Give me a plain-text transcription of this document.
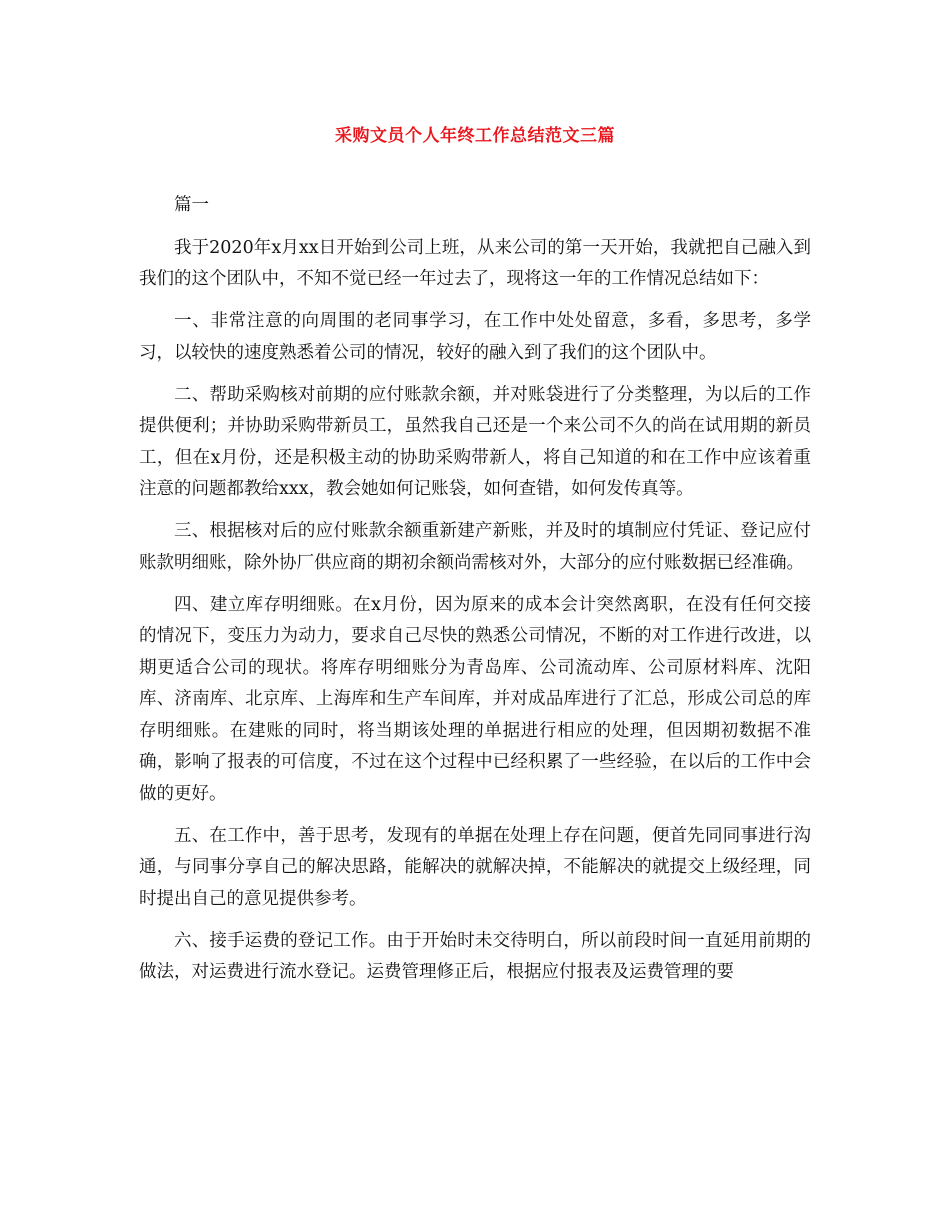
采购文员个人年终工作总结范文三篇

篇一

我于2020年x月xx日开始到公司上班，从来公司的第一天开始，我就把自己融入到我们的这个团队中，不知不觉已经一年过去了，现将这一年的工作情况总结如下：

一、非常注意的向周围的老同事学习，在工作中处处留意，多看，多思考，多学习，以较快的速度熟悉着公司的情况，较好的融入到了我们的这个团队中。

二、帮助采购核对前期的应付账款余额，并对账袋进行了分类整理，为以后的工作提供便利；并协助采购带新员工，虽然我自己还是一个来公司不久的尚在试用期的新员工，但在x月份，还是积极主动的协助采购带新人，将自己知道的和在工作中应该着重注意的问题都教给xxx，教会她如何记账袋，如何查错，如何发传真等。

三、根据核对后的应付账款余额重新建产新账，并及时的填制应付凭证、登记应付账款明细账，除外协厂供应商的期初余额尚需核对外，大部分的应付账数据已经准确。

四、建立库存明细账。在x月份，因为原来的成本会计突然离职，在没有任何交接的情况下，变压力为动力，要求自己尽快的熟悉公司情况，不断的对工作进行改进，以期更适合公司的现状。将库存明细账分为青岛库、公司流动库、公司原材料库、沈阳库、济南库、北京库、上海库和生产车间库，并对成品库进行了汇总，形成公司总的库存明细账。在建账的同时，将当期该处理的单据进行相应的处理，但因期初数据不准确，影响了报表的可信度，不过在这个过程中已经积累了一些经验，在以后的工作中会做的更好。

五、在工作中，善于思考，发现有的单据在处理上存在问题，便首先同同事进行沟通，与同事分享自己的解决思路，能解决的就解决掉，不能解决的就提交上级经理，同时提出自己的意见提供参考。

六、接手运费的登记工作。由于开始时未交待明白，所以前段时间一直延用前期的做法，对运费进行流水登记。运费管理修正后，根据应付报表及运费管理的要
